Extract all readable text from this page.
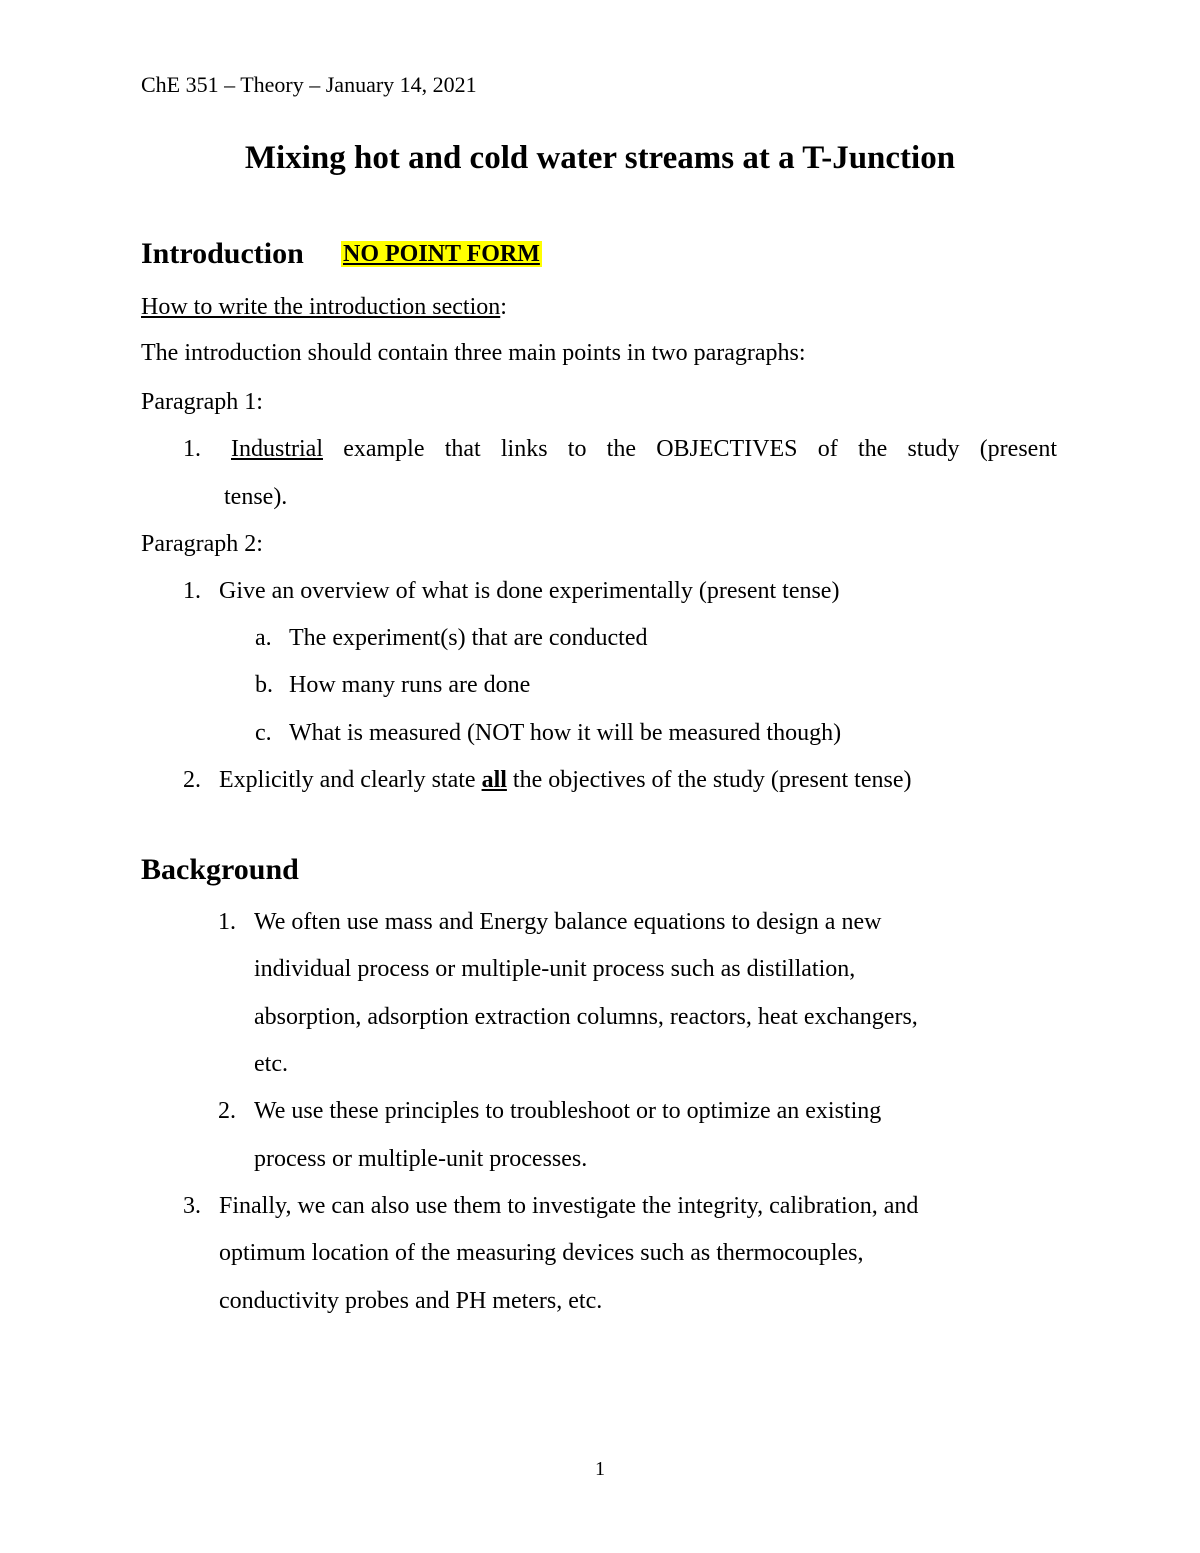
ChE 351 – Theory – January 14, 2021
Mixing hot and cold water streams at a T-Junction
Introduction NO POINT FORM
How to write the introduction section:
The introduction should contain three main points in two paragraphs:
Paragraph 1:
1. Industrial example that links to the OBJECTIVES of the study (present
tense).
Paragraph 2:
1. Give an overview of what is done experimentally (present tense)
a. The experiment(s) that are conducted
b. How many runs are done
c. What is measured (NOT how it will be measured though)
2. Explicitly and clearly state all the objectives of the study (present tense)
Background
1. We often use mass and Energy balance equations to design a new
individual process or multiple-unit process such as distillation,
absorption, adsorption extraction columns, reactors, heat exchangers,
etc.
2. We use these principles to troubleshoot or to optimize an existing
process or multiple-unit processes.
3. Finally, we can also use them to investigate the integrity, calibration, and
optimum location of the measuring devices such as thermocouples,
conductivity probes and PH meters, etc.
1
